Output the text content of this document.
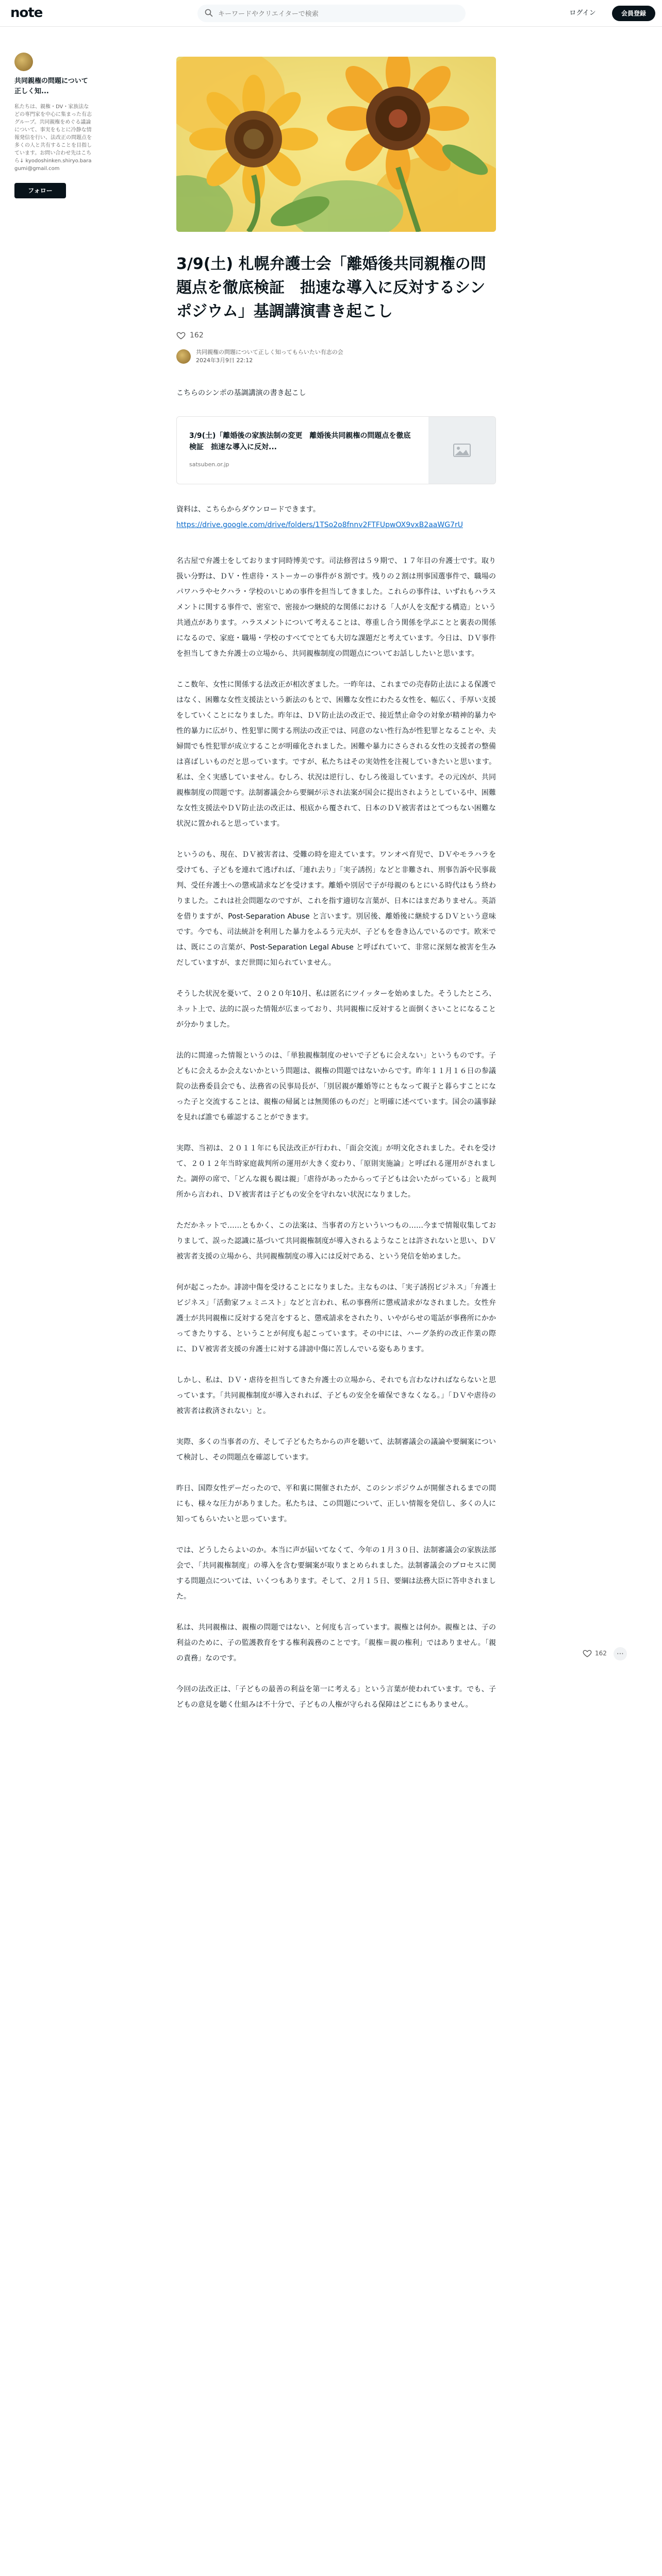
note
キーワードやクリエイターで検索	ログイン	会員登録
共同親権の問題について正しく知...
私たちは、親権・DV・家族法などの専門家を中心に集まった有志グループ。共同親権をめぐる議論について、事実をもとに冷静な情報発信を行い、法改正の問題点を多くの人と共有することを目指しています。お問い合わせ先はこちら↓ kyodoshinken.shiryo.baragumi@gmail.com
フォロー
3/9(土) 札幌弁護士会「離婚後共同親権の問題点を徹底検証　拙速な導入に反対するシンポジウム」基調講演書き起こし
162
共同親権の問題について正しく知ってもらいたい有志の会
2024年3月9日 22:12

こちらのシンポの基調講演の書き起こし

3/9(土)「離婚後の家族法制の変更　離婚後共同親権の問題点を徹底検証　拙速な導入に反対...
satsuben.or.jp

資料は、こちらからダウンロードできます。
https://drive.google.com/drive/folders/1TSo2o8fnnv2FTFUpwOX9vxB2aaWG7rU

名古屋で弁護士をしております同時博美です。司法修習は５９期で、１７年目の弁護士です。取り扱い分野は、ＤＶ・性虐待・ストーカーの事件が８割です。残りの２割は刑事国選事件で、職場のパワハラやセクハラ・学校のいじめの事件を担当してきました。これらの事件は、いずれもハラスメントに関する事件で、密室で、密接かつ継続的な関係における「人が人を支配する構造」という共通点があります。ハラスメントについて考えることは、尊重し合う関係を学ぶことと裏表の関係になるので、家庭・職場・学校のすべてでとても大切な課題だと考えています。今日は、ＤＶ事件を担当してきた弁護士の立場から、共同親権制度の問題点についてお話ししたいと思います。

ここ数年、女性に関係する法改正が相次ぎました。一昨年は、これまでの売春防止法による保護ではなく、困難な女性支援法という新法のもとで、困難な女性にわたる女性を、幅広く、手厚い支援をしていくことになりました。昨年は、ＤＶ防止法の改正で、接近禁止命令の対象が精神的暴力や性的暴力に広がり、性犯罪に関する刑法の改正では、同意のない性行為が性犯罪となることや、夫婦間でも性犯罪が成立することが明確化されました。困難や暴力にさらされる女性の支援者の整備は喜ばしいものだと思っています。ですが、私たちはその実効性を注視していきたいと思います。私は、全く実感していません。むしろ、状況は逆行し、むしろ後退しています。その元凶が、共同親権制度の問題です。法制審議会から要綱が示され法案が国会に提出されようとしている中、困難な女性支援法やＤＶ防止法の改正は、根底から覆されて、日本のＤＶ被害者はとてつもない困難な状況に置かれると思っています。

というのも、現在、ＤＶ被害者は、受難の時を迎えています。ワンオペ育児で、ＤＶやモラハラを受けても、子どもを連れて逃げれば、「連れ去り」「実子誘拐」などと非難され、刑事告訴や民事裁判、受任弁護士への懲戒請求などを受けます。離婚や別居で子が母親のもとにいる時代はもう終わりました。これは社会問題なのですが、これを指す適切な言葉が、日本にはまだありません。英語を借りますが、Post-Separation Abuse と言います。別居後、離婚後に継続するＤＶという意味です。今でも、司法統計を利用した暴力をふるう元夫が、子どもを巻き込んでいるのです。欧米では、既にこの言葉が、Post-Separation Legal Abuse と呼ばれていて、非常に深刻な被害を生みだしていますが、まだ世間に知られていません。

そうした状況を憂いて、２０２０年10月、私は匿名にツイッターを始めました。そうしたところ、ネット上で、法的に誤った情報が広まっており、共同親権に反対すると面倒くさいことになることが分かりました。

法的に間違った情報というのは、「単独親権制度のせいで子どもに会えない」というものです。子どもに会えるか会えないかという問題は、親権の問題ではないからです。昨年１１月１６日の参議院の法務委員会でも、法務省の民事局長が、「別居親が離婚等にともなって親子と暮らすことになった子と交流することは、親権の帰属とは無関係のものだ」と明確に述べています。国会の議事録を見れば誰でも確認することができます。

実際、当初は、２０１１年にも民法改正が行われ、「面会交流」が明文化されました。それを受けて、２０１２年当時家庭裁判所の運用が大きく変わり、「原則実施論」と呼ばれる運用がされました。調停の席で、「どんな親も親は親」「虐待があったからって子どもは会いたがっている」と裁判所から言われ、ＤＶ被害者は子どもの安全を守れない状況になりました。

ただかネットで……ともかく、この法案は、当事者の方といういつもの……今まで情報収集しておりまして、誤った認識に基づいて共同親権制度が導入されるようなことは許されないと思い、ＤＶ被害者支援の立場から、共同親権制度の導入には反対である、という発信を始めました。

何が起こったか。誹謗中傷を受けることになりました。主なものは、「実子誘拐ビジネス」「弁護士ビジネス」「活動家フェミニスト」などと言われ、私の事務所に懲戒請求がなされました。女性弁護士が共同親権に反対する発言をすると、懲戒請求をされたり、いやがらせの電話が事務所にかかってきたりする、ということが何度も起こっています。その中には、ハーグ条約の改正作業の際に、ＤＶ被害者支援の弁護士に対する誹謗中傷に苦しんでいる姿もあります。

しかし、私は、ＤＶ・虐待を担当してきた弁護士の立場から、それでも言わなければならないと思っています。「共同親権制度が導入されれば、子どもの安全を確保できなくなる。」「ＤＶや虐待の被害者は救済されない」と。

実際、多くの当事者の方、そして子どもたちからの声を聴いて、法制審議会の議論や要綱案について検討し、その問題点を確認しています。

昨日、国際女性デーだったので、平和裏に開催されたが、このシンポジウムが開催されるまでの間にも、様々な圧力がありました。私たちは、この問題について、正しい情報を発信し、多くの人に知ってもらいたいと思っています。

では、どうしたらよいのか。本当に声が届いてなくて、今年の１月３０日、法制審議会の家族法部会で、「共同親権制度」の導入を含む要綱案が取りまとめられました。法制審議会のプロセスに関する問題点については、いくつもあります。そして、２月１５日、要綱は法務大臣に答申されました。

私は、共同親権は、親権の問題ではない、と何度も言っています。親権とは何か。親権とは、子の利益のために、子の監護教育をする権利義務のことです。「親権＝親の権利」ではありません。「親の責務」なのです。

今回の法改正は、「子どもの最善の利益を第一に考える」という言葉が使われています。でも、子どもの意見を聴く仕組みは不十分で、子どもの人権が守られる保障はどこにもありません。

162	⋯
